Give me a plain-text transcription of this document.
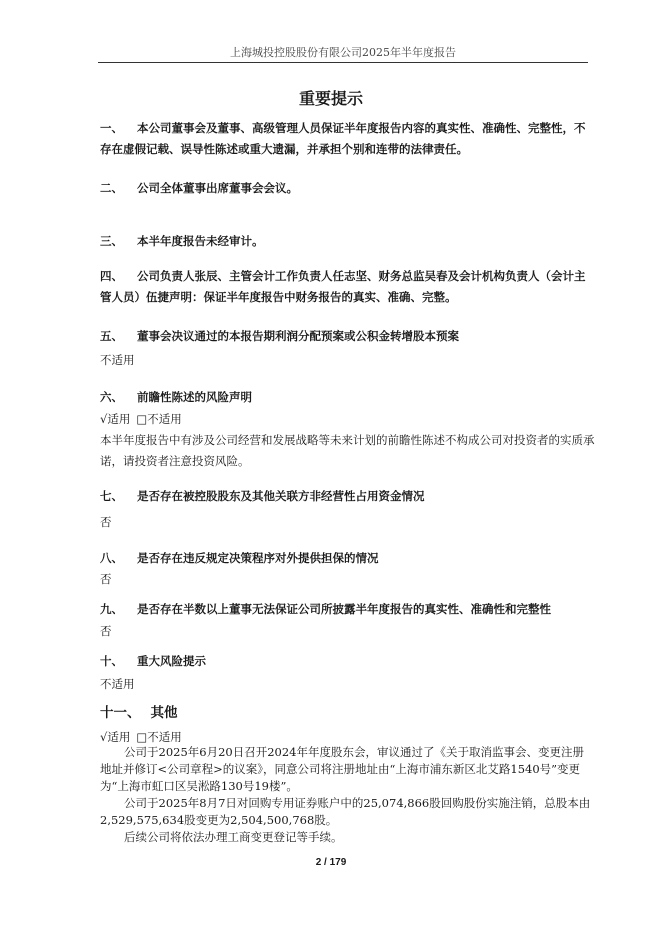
上海城投控股股份有限公司2025年半年度报告
重要提示
一、 本公司董事会及董事、高级管理人员保证半年度报告内容的真实性、准确性、完整性，不存在虚假记载、误导性陈述或重大遗漏，并承担个别和连带的法律责任。
二、 公司全体董事出席董事会会议。
三、 本半年度报告未经审计。
四、 公司负责人张辰、主管会计工作负责人任志坚、财务总监吴春及会计机构负责人（会计主管人员）伍捷声明：保证半年度报告中财务报告的真实、准确、完整。
五、 董事会决议通过的本报告期利润分配预案或公积金转增股本预案
不适用
六、 前瞻性陈述的风险声明
√适用 □不适用
本半年度报告中有涉及公司经营和发展战略等未来计划的前瞻性陈述不构成公司对投资者的实质承诺，请投资者注意投资风险。
七、 是否存在被控股股东及其他关联方非经营性占用资金情况
否
八、 是否存在违反规定决策程序对外提供担保的情况
否
九、 是否存在半数以上董事无法保证公司所披露半年度报告的真实性、准确性和完整性
否
十、 重大风险提示
不适用
十一、 其他
√适用 □不适用
公司于2025年6月20日召开2024年年度股东会，审议通过了《关于取消监事会、变更注册地址并修订<公司章程>的议案》，同意公司将注册地址由“上海市浦东新区北艾路1540号”变更为“上海市虹口区吴淞路130号19楼”。
公司于2025年8月7日对回购专用证券账户中的25,074,866股回购股份实施注销，总股本由2,529,575,634股变更为2,504,500,768股。
后续公司将依法办理工商变更登记等手续。
2 / 179
